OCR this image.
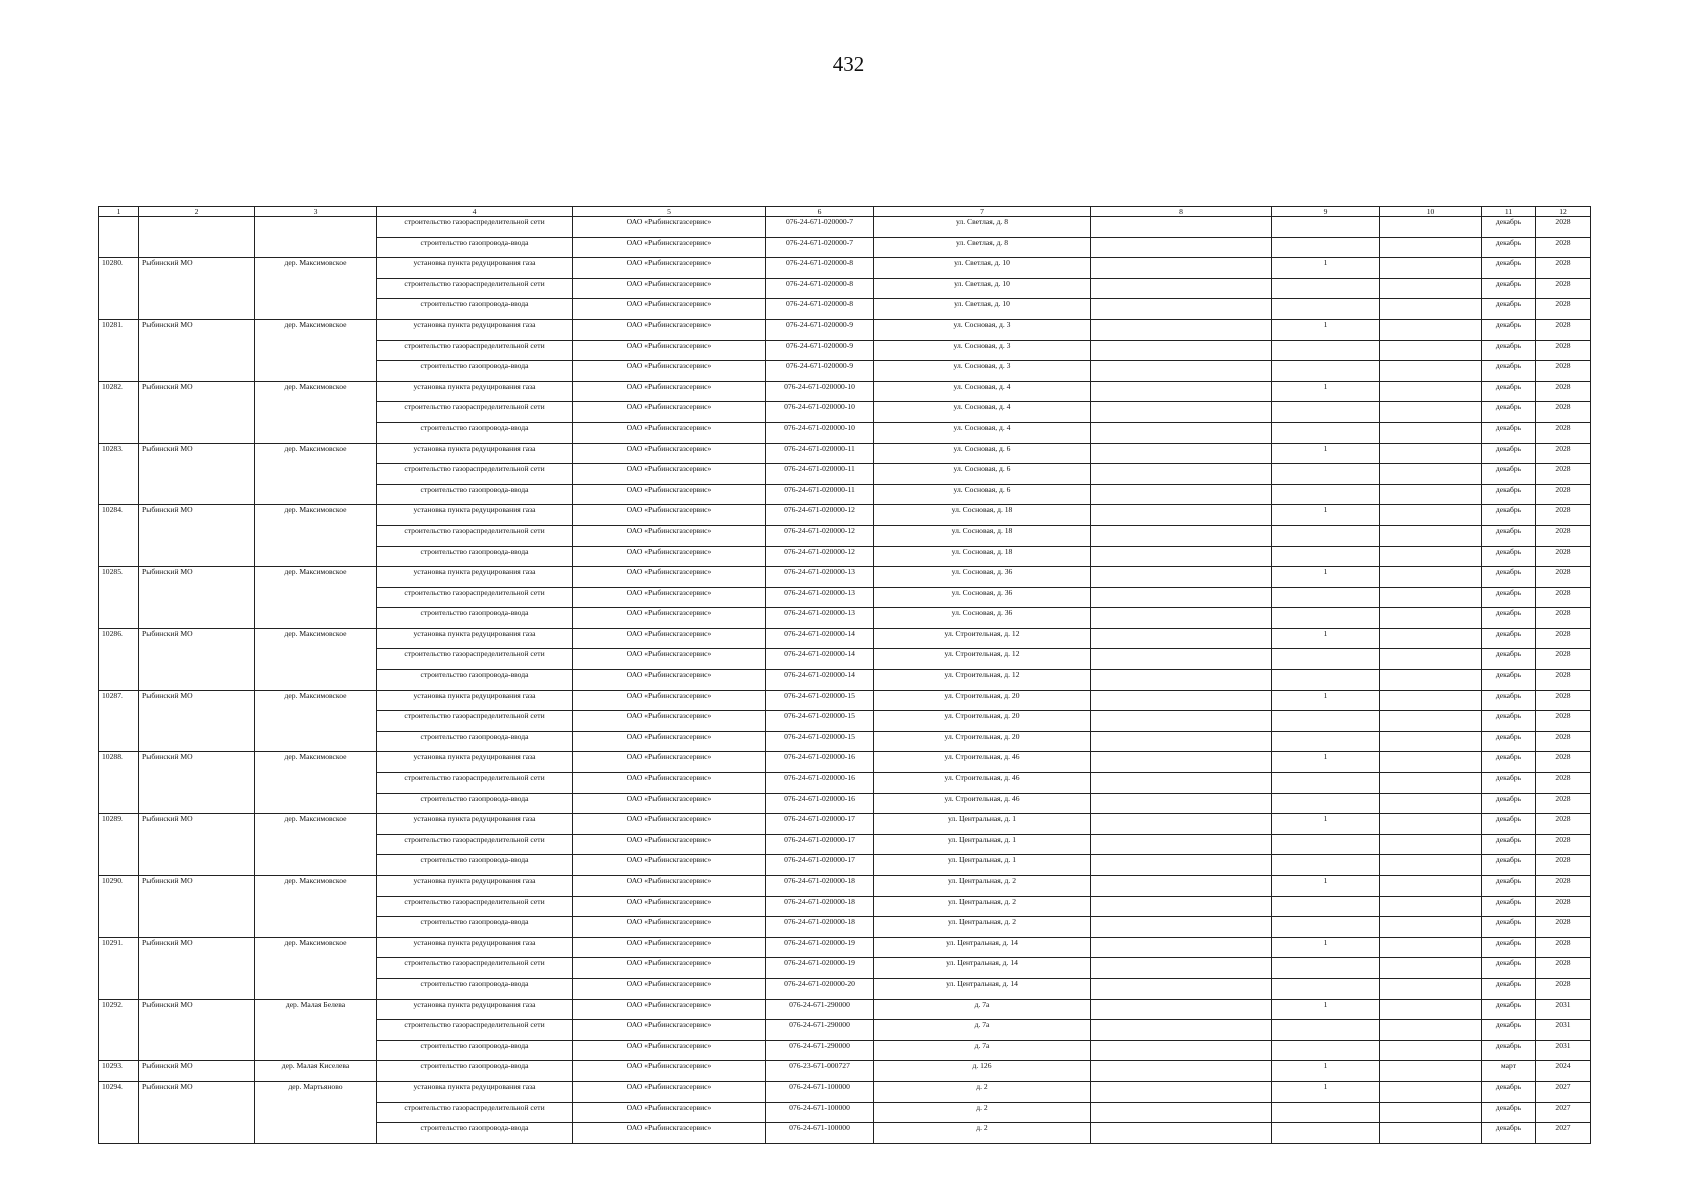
432
1	2	3	4	5	6	7	8	9	10	11	12
			строительство газораспределительной сети	ОАО «Рыбинскгазсервис»	076-24-671-020000-7	ул. Светлая, д. 8				декабрь	2028
			строительство газопровода-ввода	ОАО «Рыбинскгазсервис»	076-24-671-020000-7	ул. Светлая, д. 8				декабрь	2028
10280.	Рыбинский МО	дер. Максимовское	установка пункта редуцирования газа	ОАО «Рыбинскгазсервис»	076-24-671-020000-8	ул. Светлая, д. 10		1		декабрь	2028
			строительство газораспределительной сети	ОАО «Рыбинскгазсервис»	076-24-671-020000-8	ул. Светлая, д. 10				декабрь	2028
			строительство газопровода-ввода	ОАО «Рыбинскгазсервис»	076-24-671-020000-8	ул. Светлая, д. 10				декабрь	2028
10281.	Рыбинский МО	дер. Максимовское	установка пункта редуцирования газа	ОАО «Рыбинскгазсервис»	076-24-671-020000-9	ул. Сосновая, д. 3		1		декабрь	2028
			строительство газораспределительной сети	ОАО «Рыбинскгазсервис»	076-24-671-020000-9	ул. Сосновая, д. 3				декабрь	2028
			строительство газопровода-ввода	ОАО «Рыбинскгазсервис»	076-24-671-020000-9	ул. Сосновая, д. 3				декабрь	2028
10282.	Рыбинский МО	дер. Максимовское	установка пункта редуцирования газа	ОАО «Рыбинскгазсервис»	076-24-671-020000-10	ул. Сосновая, д. 4		1		декабрь	2028
			строительство газораспределительной сети	ОАО «Рыбинскгазсервис»	076-24-671-020000-10	ул. Сосновая, д. 4				декабрь	2028
			строительство газопровода-ввода	ОАО «Рыбинскгазсервис»	076-24-671-020000-10	ул. Сосновая, д. 4				декабрь	2028
10283.	Рыбинский МО	дер. Максимовское	установка пункта редуцирования газа	ОАО «Рыбинскгазсервис»	076-24-671-020000-11	ул. Сосновая, д. 6		1		декабрь	2028
			строительство газораспределительной сети	ОАО «Рыбинскгазсервис»	076-24-671-020000-11	ул. Сосновая, д. 6				декабрь	2028
			строительство газопровода-ввода	ОАО «Рыбинскгазсервис»	076-24-671-020000-11	ул. Сосновая, д. 6				декабрь	2028
10284.	Рыбинский МО	дер. Максимовское	установка пункта редуцирования газа	ОАО «Рыбинскгазсервис»	076-24-671-020000-12	ул. Сосновая, д. 18		1		декабрь	2028
			строительство газораспределительной сети	ОАО «Рыбинскгазсервис»	076-24-671-020000-12	ул. Сосновая, д. 18				декабрь	2028
			строительство газопровода-ввода	ОАО «Рыбинскгазсервис»	076-24-671-020000-12	ул. Сосновая, д. 18				декабрь	2028
10285.	Рыбинский МО	дер. Максимовское	установка пункта редуцирования газа	ОАО «Рыбинскгазсервис»	076-24-671-020000-13	ул. Сосновая, д. 36		1		декабрь	2028
			строительство газораспределительной сети	ОАО «Рыбинскгазсервис»	076-24-671-020000-13	ул. Сосновая, д. 36				декабрь	2028
			строительство газопровода-ввода	ОАО «Рыбинскгазсервис»	076-24-671-020000-13	ул. Сосновая, д. 36				декабрь	2028
10286.	Рыбинский МО	дер. Максимовское	установка пункта редуцирования газа	ОАО «Рыбинскгазсервис»	076-24-671-020000-14	ул. Строительная, д. 12		1		декабрь	2028
			строительство газораспределительной сети	ОАО «Рыбинскгазсервис»	076-24-671-020000-14	ул. Строительная, д. 12				декабрь	2028
			строительство газопровода-ввода	ОАО «Рыбинскгазсервис»	076-24-671-020000-14	ул. Строительная, д. 12				декабрь	2028
10287.	Рыбинский МО	дер. Максимовское	установка пункта редуцирования газа	ОАО «Рыбинскгазсервис»	076-24-671-020000-15	ул. Строительная, д. 20		1		декабрь	2028
			строительство газораспределительной сети	ОАО «Рыбинскгазсервис»	076-24-671-020000-15	ул. Строительная, д. 20				декабрь	2028
			строительство газопровода-ввода	ОАО «Рыбинскгазсервис»	076-24-671-020000-15	ул. Строительная, д. 20				декабрь	2028
10288.	Рыбинский МО	дер. Максимовское	установка пункта редуцирования газа	ОАО «Рыбинскгазсервис»	076-24-671-020000-16	ул. Строительная, д. 46		1		декабрь	2028
			строительство газораспределительной сети	ОАО «Рыбинскгазсервис»	076-24-671-020000-16	ул. Строительная, д. 46				декабрь	2028
			строительство газопровода-ввода	ОАО «Рыбинскгазсервис»	076-24-671-020000-16	ул. Строительная, д. 46				декабрь	2028
10289.	Рыбинский МО	дер. Максимовское	установка пункта редуцирования газа	ОАО «Рыбинскгазсервис»	076-24-671-020000-17	ул. Центральная, д. 1		1		декабрь	2028
			строительство газораспределительной сети	ОАО «Рыбинскгазсервис»	076-24-671-020000-17	ул. Центральная, д. 1				декабрь	2028
			строительство газопровода-ввода	ОАО «Рыбинскгазсервис»	076-24-671-020000-17	ул. Центральная, д. 1				декабрь	2028
10290.	Рыбинский МО	дер. Максимовское	установка пункта редуцирования газа	ОАО «Рыбинскгазсервис»	076-24-671-020000-18	ул. Центральная, д. 2		1		декабрь	2028
			строительство газораспределительной сети	ОАО «Рыбинскгазсервис»	076-24-671-020000-18	ул. Центральная, д. 2				декабрь	2028
			строительство газопровода-ввода	ОАО «Рыбинскгазсервис»	076-24-671-020000-18	ул. Центральная, д. 2				декабрь	2028
10291.	Рыбинский МО	дер. Максимовское	установка пункта редуцирования газа	ОАО «Рыбинскгазсервис»	076-24-671-020000-19	ул. Центральная, д. 14		1		декабрь	2028
			строительство газораспределительной сети	ОАО «Рыбинскгазсервис»	076-24-671-020000-19	ул. Центральная, д. 14				декабрь	2028
			строительство газопровода-ввода	ОАО «Рыбинскгазсервис»	076-24-671-020000-20	ул. Центральная, д. 14				декабрь	2028
10292.	Рыбинский МО	дер. Малая Белева	установка пункта редуцирования газа	ОАО «Рыбинскгазсервис»	076-24-671-290000	д. 7а		1		декабрь	2031
			строительство газораспределительной сети	ОАО «Рыбинскгазсервис»	076-24-671-290000	д. 7а				декабрь	2031
			строительство газопровода-ввода	ОАО «Рыбинскгазсервис»	076-24-671-290000	д. 7а				декабрь	2031
10293.	Рыбинский МО	дер. Малая Киселева	строительство газопровода-ввода	ОАО «Рыбинскгазсервис»	076-23-671-000727	д. 126		1		март	2024
10294.	Рыбинский МО	дер. Мартьяново	установка пункта редуцирования газа	ОАО «Рыбинскгазсервис»	076-24-671-100000	д. 2		1		декабрь	2027
			строительство газораспределительной сети	ОАО «Рыбинскгазсервис»	076-24-671-100000	д. 2				декабрь	2027
			строительство газопровода-ввода	ОАО «Рыбинскгазсервис»	076-24-671-100000	д. 2				декабрь	2027
